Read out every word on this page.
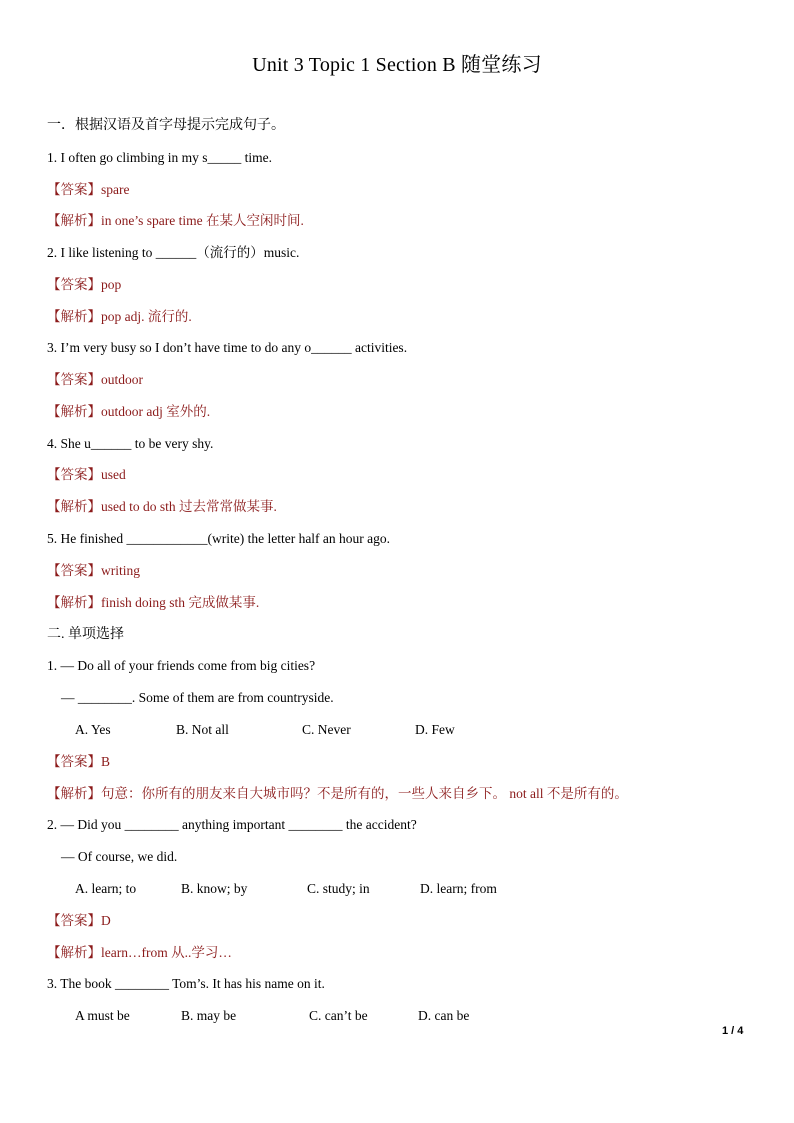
Unit 3 Topic 1 Section B 随堂练习
一．根据汉语及首字母提示完成句子。
1. I often go climbing in my s_____ time.
【答案】spare
【解析】in one’s spare time 在某人空闲时间.
2. I like listening to ______（流行的）music.
【答案】pop
【解析】pop adj. 流行的.
3. I’m very busy so I don’t have time to do any o______ activities.
【答案】outdoor
【解析】outdoor adj 室外的.
4. She u______ to be very shy.
【答案】used
【解析】used to do sth 过去常常做某事.
5. He finished ____________(write) the letter half an hour ago.
【答案】writing
【解析】finish doing sth 完成做某事.
二. 单项选择
1. — Do all of your friends come from big cities?
— ________. Some of them are from countryside.
A. Yes	B. Not all	C. Never	D. Few
【答案】B
【解析】句意：你所有的朋友来自大城市吗？不是所有的，一些人来自乡下。 not all 不是所有的。
2. — Did you ________ anything important ________ the accident?
— Of course, we did.
A. learn; to	B. know; by	C. study; in	D. learn; from
【答案】D
【解析】learn…from 从..学习…
3. The book ________ Tom’s. It has his name on it.
A must be	B. may be	C. can’t be	D. can be
1 / 4
